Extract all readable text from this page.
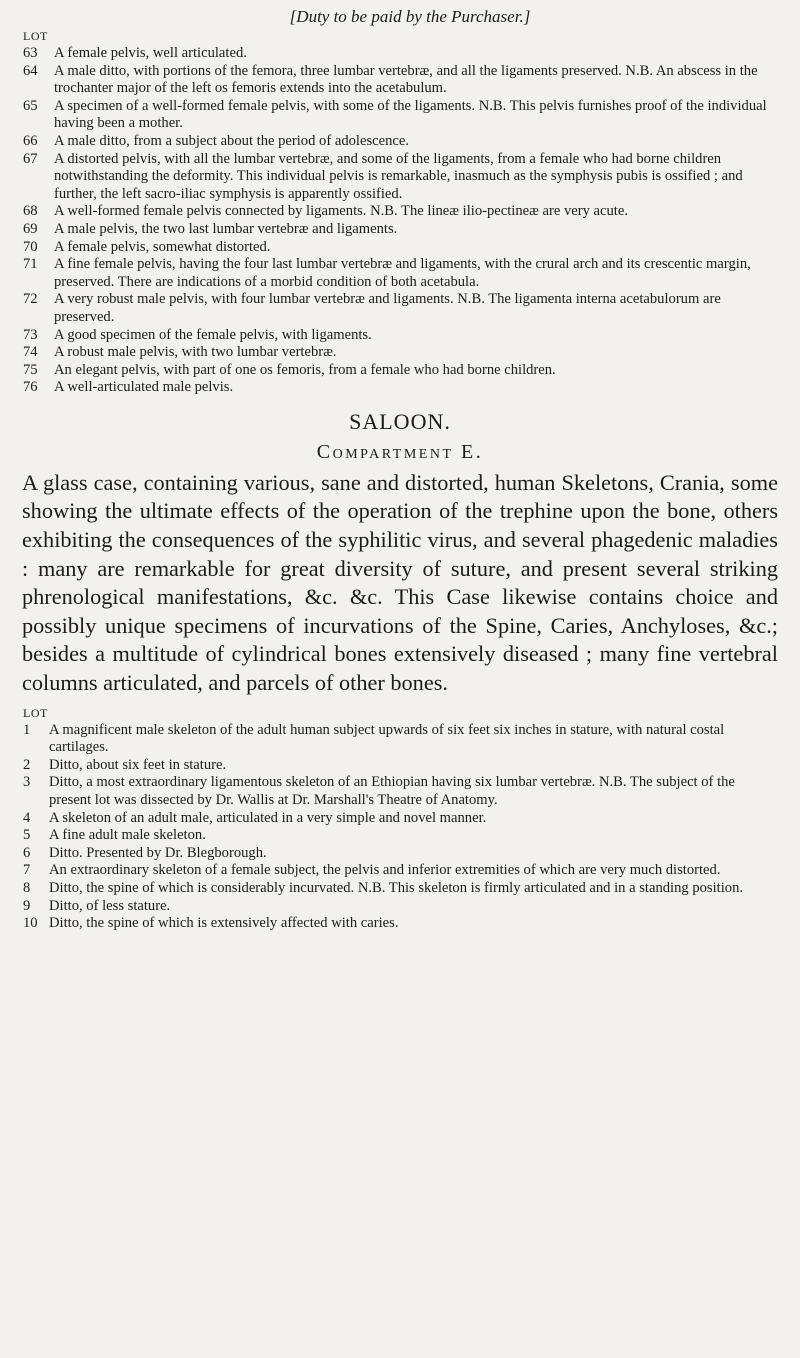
[Duty to be paid by the Purchaser.]
LOT
63	A female pelvis, well articulated.
64	A male ditto, with portions of the femora, three lumbar vertebræ, and all the ligaments preserved. N.B. An abscess in the trochanter major of the left os femoris extends into the acetabulum.
65	A specimen of a well-formed female pelvis, with some of the ligaments. N.B. This pelvis furnishes proof of the individual having been a mother.
66	A male ditto, from a subject about the period of adolescence.
67	A distorted pelvis, with all the lumbar vertebræ, and some of the ligaments, from a female who had borne children notwithstanding the deformity. This individual pelvis is remarkable, inasmuch as the symphysis pubis is ossified ; and further, the left sacro-iliac symphysis is apparently ossified.
68	A well-formed female pelvis connected by ligaments. N.B. The lineæ ilio-pectineæ are very acute.
69	A male pelvis, the two last lumbar vertebræ and ligaments.
70	A female pelvis, somewhat distorted.
71	A fine female pelvis, having the four last lumbar vertebræ and ligaments, with the crural arch and its crescentic margin, preserved. There are indications of a morbid condition of both acetabula.
72	A very robust male pelvis, with four lumbar vertebræ and ligaments. N.B. The ligamenta interna acetabulorum are preserved.
73	A good specimen of the female pelvis, with ligaments.
74	A robust male pelvis, with two lumbar vertebræ.
75	An elegant pelvis, with part of one os femoris, from a female who had borne children.
76	A well-articulated male pelvis.
SALOON.
Compartment E.

A glass case, containing various, sane and distorted, human Skeletons, Crania, some showing the ultimate effects of the operation of the trephine upon the bone, others exhibiting the consequences of the syphilitic virus, and several phagedenic maladies : many are remarkable for great diversity of suture, and present several striking phrenological manifestations, &c. &c. This Case likewise contains choice and possibly unique specimens of incurvations of the Spine, Caries, Anchyloses, &c.; besides a multitude of cylindrical bones extensively diseased ; many fine vertebral columns articulated, and parcels of other bones.

LOT
1	A magnificent male skeleton of the adult human subject upwards of six feet six inches in stature, with natural costal cartilages.
2	Ditto, about six feet in stature.
3	Ditto, a most extraordinary ligamentous skeleton of an Ethiopian having six lumbar vertebræ. N.B. The subject of the present lot was dissected by Dr. Wallis at Dr. Marshall's Theatre of Anatomy.
4	A skeleton of an adult male, articulated in a very simple and novel manner.
5	A fine adult male skeleton.
6	Ditto. Presented by Dr. Blegborough.
7	An extraordinary skeleton of a female subject, the pelvis and inferior extremities of which are very much distorted.
8	Ditto, the spine of which is considerably incurvated. N.B. This skeleton is firmly articulated and in a standing position.
9	Ditto, of less stature.
10 Ditto, the spine of which is extensively affected with caries.
